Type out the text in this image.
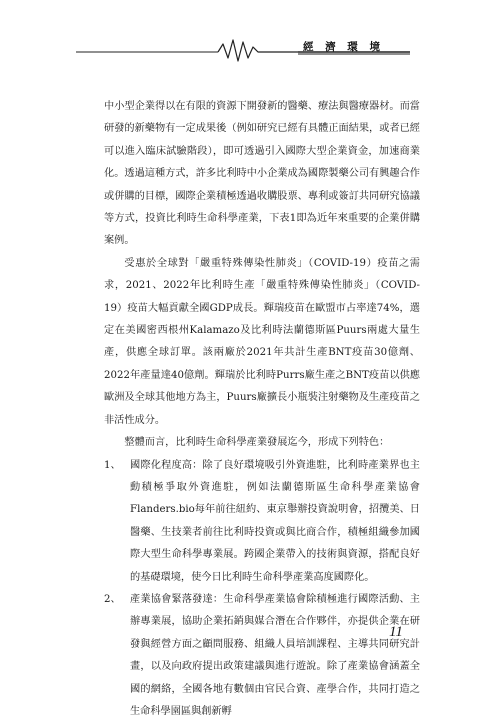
經 濟 環 境

中小型企業得以在有限的資源下開發新的醫藥、療法與醫療器材。而當研發的新藥物有一定成果後（例如研究已經有具體正面結果，或者已經可以進入臨床試驗階段），即可透過引入國際大型企業資金，加速商業化。透過這種方式，許多比利時中小企業成為國際製藥公司有興趣合作或併購的目標，國際企業積極透過收購股票、專利或簽訂共同研究協議等方式，投資比利時生命科學產業，下表1即為近年來重要的企業併購案例。

受惠於全球對「嚴重特殊傳染性肺炎」（COVID-19）疫苗之需求，2021、2022年比利時生產「嚴重特殊傳染性肺炎」（COVID-19）疫苗大幅貢獻全國GDP成長。輝瑞疫苗在歐盟市占率達74%，選定在美國密西根州Kalamazo及比利時法蘭德斯區Puurs兩處大量生產，供應全球訂單。該兩廠於2021年共計生產BNT疫苗30億劑、2022年產量達40億劑。輝瑞於比利時Purrs廠生產之BNT疫苗以供應歐洲及全球其他地方為主，Puurs廠擴長小瓶裝注射藥物及生產疫苗之非活性成分。

整體而言，比利時生命科學產業發展迄今，形成下列特色：

1、 國際化程度高：除了良好環境吸引外資進駐，比利時產業界也主動積極爭取外資進駐，例如法蘭德斯區生命科學產業協會Flanders.bio每年前往紐約、東京舉辦投資說明會，招攬美、日醫藥、生技業者前往比利時投資或與比商合作，積極組織參加國際大型生命科學專業展。跨國企業帶入的技術與資源，搭配良好的基礎環境，使今日比利時生命科學產業高度國際化。
2、 產業協會緊落發達：生命科學產業協會除積極進行國際活動、主辦專業展，協助企業拓銷與媒合潛在合作夥伴，亦提供企業在研發與經營方面之顧問服務、組織人員培訓課程、主導共同研究計畫，以及向政府提出政策建議與進行遊說。除了產業協會涵蓋全國的網絡，全國各地有數個由官民合資、產學合作，共同打造之生命科學園區與創新孵
11
